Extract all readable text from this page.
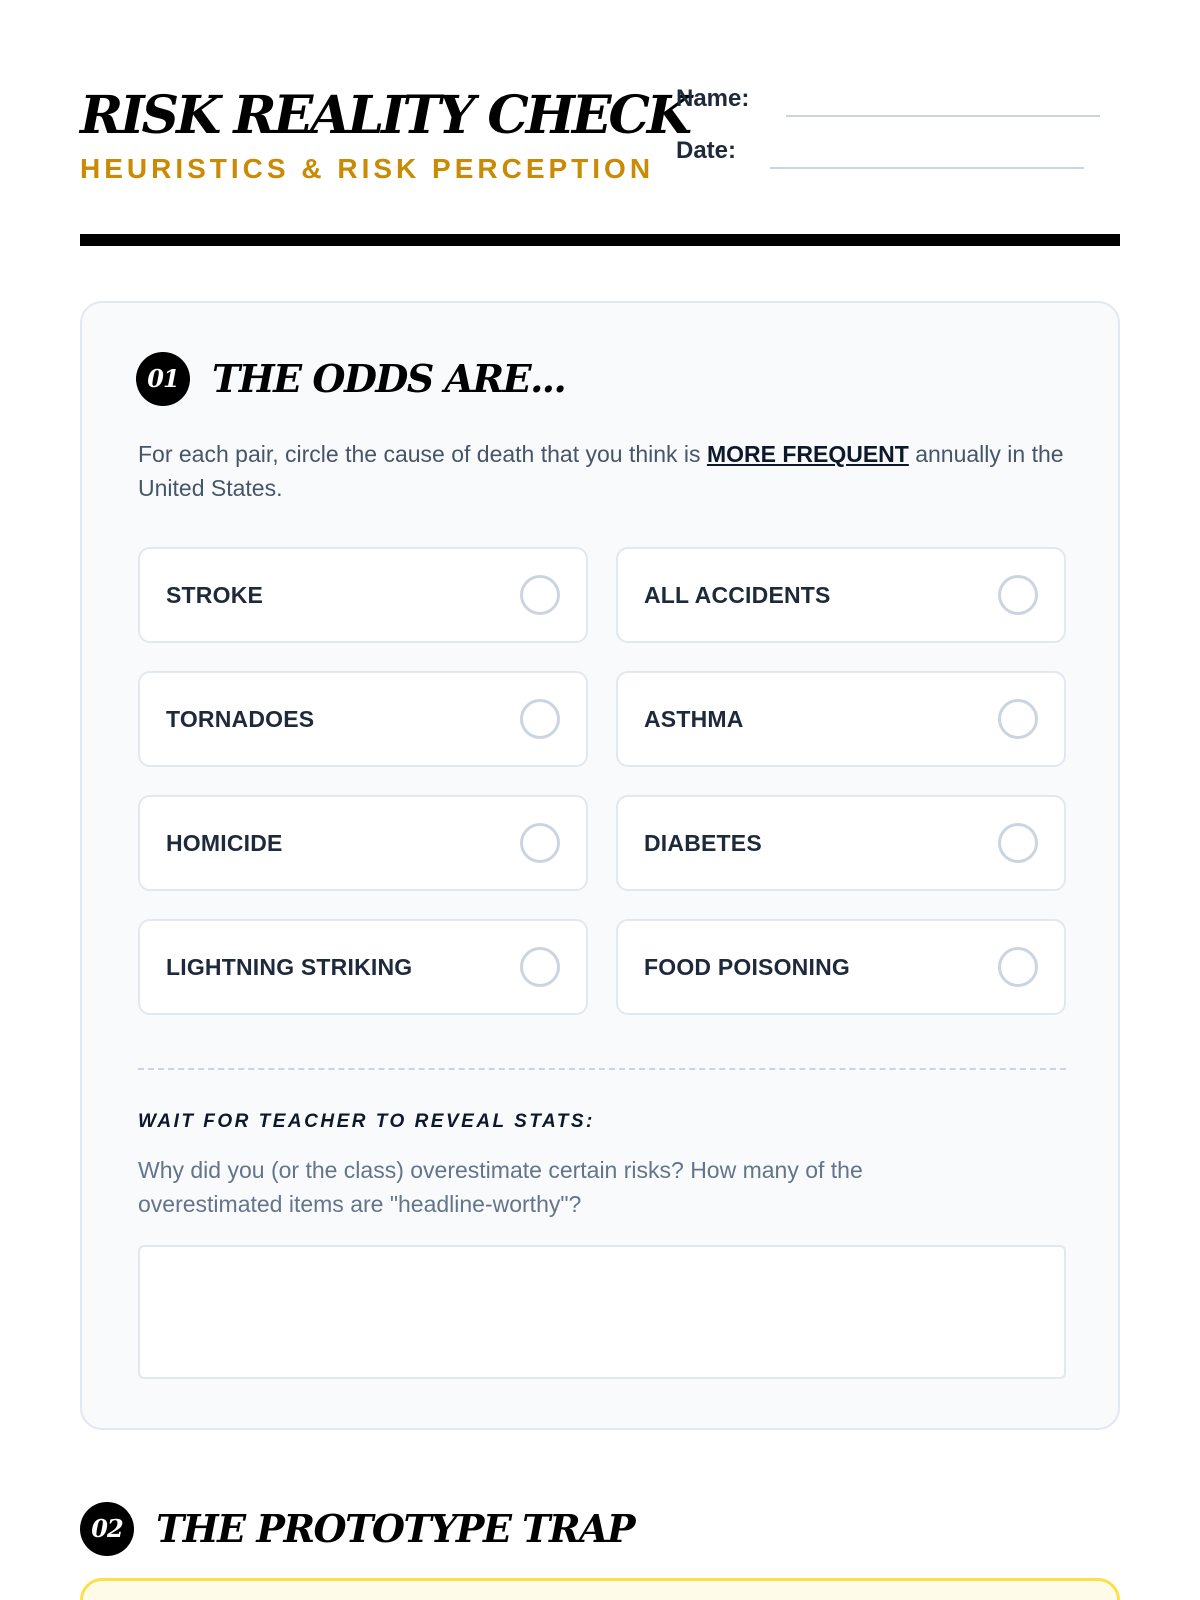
RISK REALITY CHECK
HEURISTICS & RISK PERCEPTION
Name:
Date:
01 THE ODDS ARE...

For each pair, circle the cause of death that you think is MORE FREQUENT annually in the United States.

STROKE	ALL ACCIDENTS
TORNADOES	ASTHMA
HOMICIDE	DIABETES
LIGHTNING STRIKING	FOOD POISONING
WAIT FOR TEACHER TO REVEAL STATS:

Why did you (or the class) overestimate certain risks? How many of the overestimated items are "headline-worthy"?

02 THE PROTOTYPE TRAP
